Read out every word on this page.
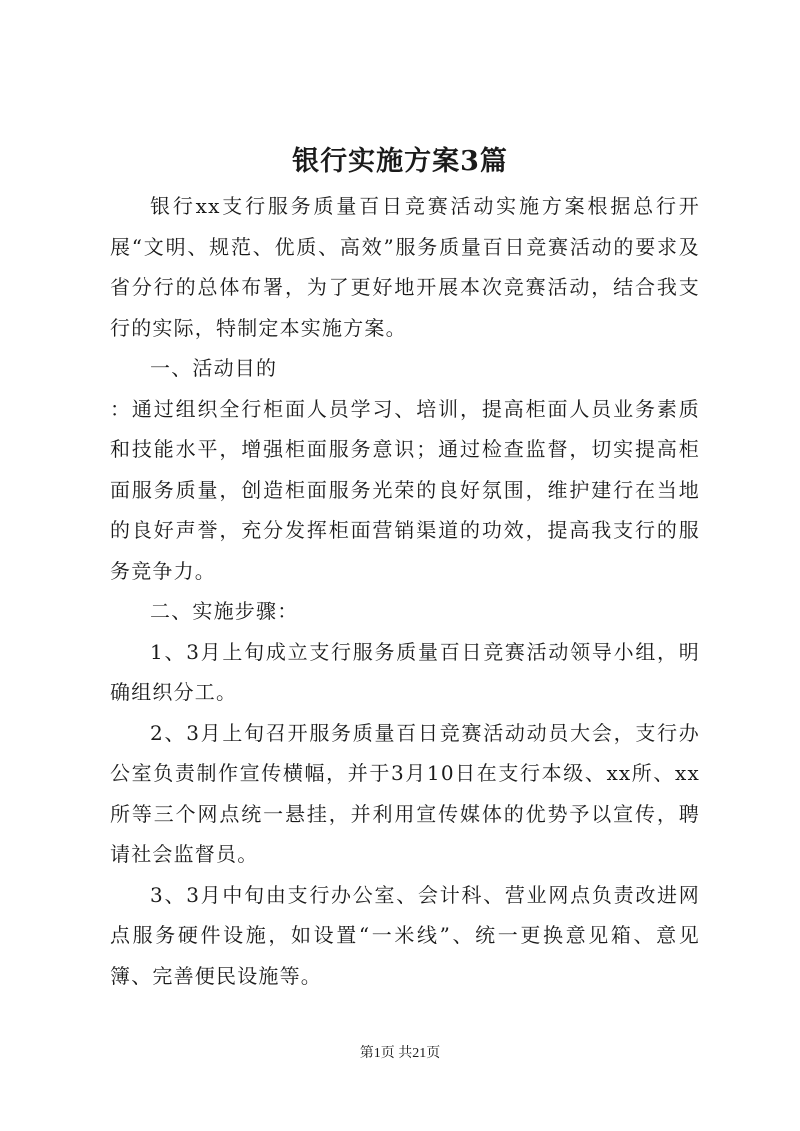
银行实施方案3篇

银行xx支行服务质量百日竞赛活动实施方案根据总行开展“文明、规范、优质、高效”服务质量百日竞赛活动的要求及省分行的总体布署，为了更好地开展本次竞赛活动，结合我支行的实际，特制定本实施方案。

一、活动目的

：通过组织全行柜面人员学习、培训，提高柜面人员业务素质和技能水平，增强柜面服务意识；通过检查监督，切实提高柜面服务质量，创造柜面服务光荣的良好氛围，维护建行在当地的良好声誉，充分发挥柜面营销渠道的功效，提高我支行的服务竞争力。

二、实施步骤：

1、3月上旬成立支行服务质量百日竞赛活动领导小组，明确组织分工。

2、3月上旬召开服务质量百日竞赛活动动员大会，支行办公室负责制作宣传横幅，并于3月10日在支行本级、xx所、xx所等三个网点统一悬挂，并利用宣传媒体的优势予以宣传，聘请社会监督员。

3、3月中旬由支行办公室、会计科、营业网点负责改进网点服务硬件设施，如设置“一米线”、统一更换意见箱、意见簿、完善便民设施等。

第1页 共21页
